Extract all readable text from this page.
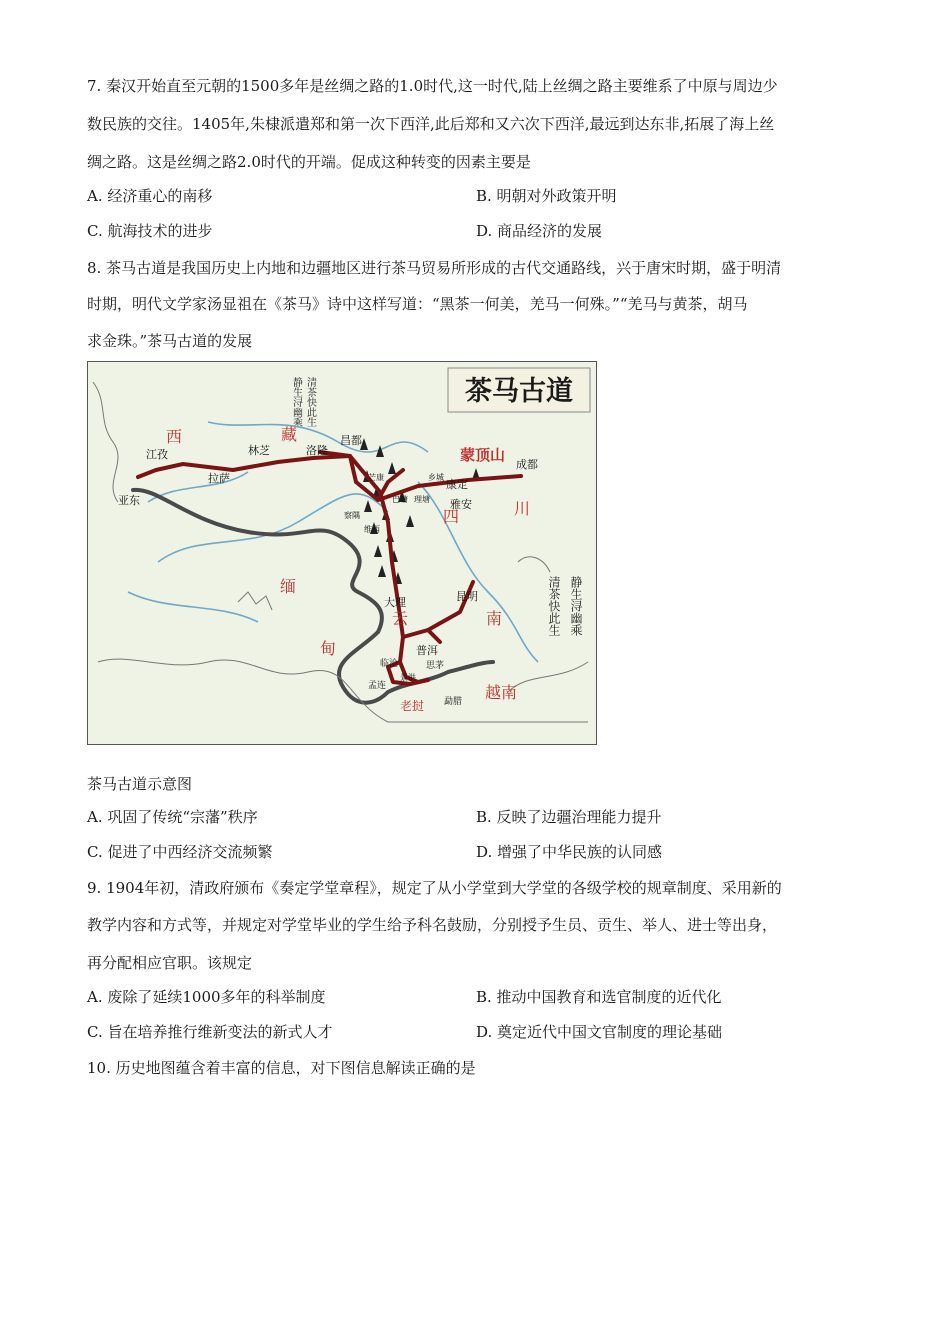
7. 秦汉开始直至元朝的1500多年是丝绸之路的1.0时代,这一时代,陆上丝绸之路主要维系了中原与周边少
数民族的交往。1405年,朱棣派遣郑和第一次下西洋,此后郑和又六次下西洋,最远到达东非,拓展了海上丝
绸之路。这是丝绸之路2.0时代的开端。促成这种转变的因素主要是
A. 经济重心的南移	B. 明朝对外政策开明
C. 航海技术的进步	D. 商品经济的发展
8. 茶马古道是我国历史上内地和边疆地区进行茶马贸易所形成的古代交通路线，兴于唐宋时期，盛于明清
时期，明代文学家汤显祖在《茶马》诗中这样写道：“黑茶一何美，羌马一何殊。”“羌马与黄茶，胡马
求金珠。”茶马古道的发展
茶马古道
静生浔幽乘 清茶快此生
静生浔幽乘
清茶快此生
西	藏
缅
甸
四	川
云	南
越南
老挝
蒙顶山
江孜
亚东
拉萨
林芝	洛隆
昌都
康定
雅安
成都
大理	昆明
普洱
思茅
勐腊
孟连
临沧
巴塘 理塘
乡城
芒康
察隅
维西
景洪
茶马古道示意图
A. 巩固了传统“宗藩”秩序	B. 反映了边疆治理能力提升
C. 促进了中西经济交流频繁	D. 增强了中华民族的认同感
9. 1904年初，清政府颁布《奏定学堂章程》，规定了从小学堂到大学堂的各级学校的规章制度、采用新的
教学内容和方式等，并规定对学堂毕业的学生给予科名鼓励，分别授予生员、贡生、举人、进士等出身，
再分配相应官职。该规定
A. 废除了延续1000多年的科举制度	B. 推动中国教育和选官制度的近代化
C. 旨在培养推行维新变法的新式人才	D. 奠定近代中国文官制度的理论基础
10. 历史地图蕴含着丰富的信息，对下图信息解读正确的是
